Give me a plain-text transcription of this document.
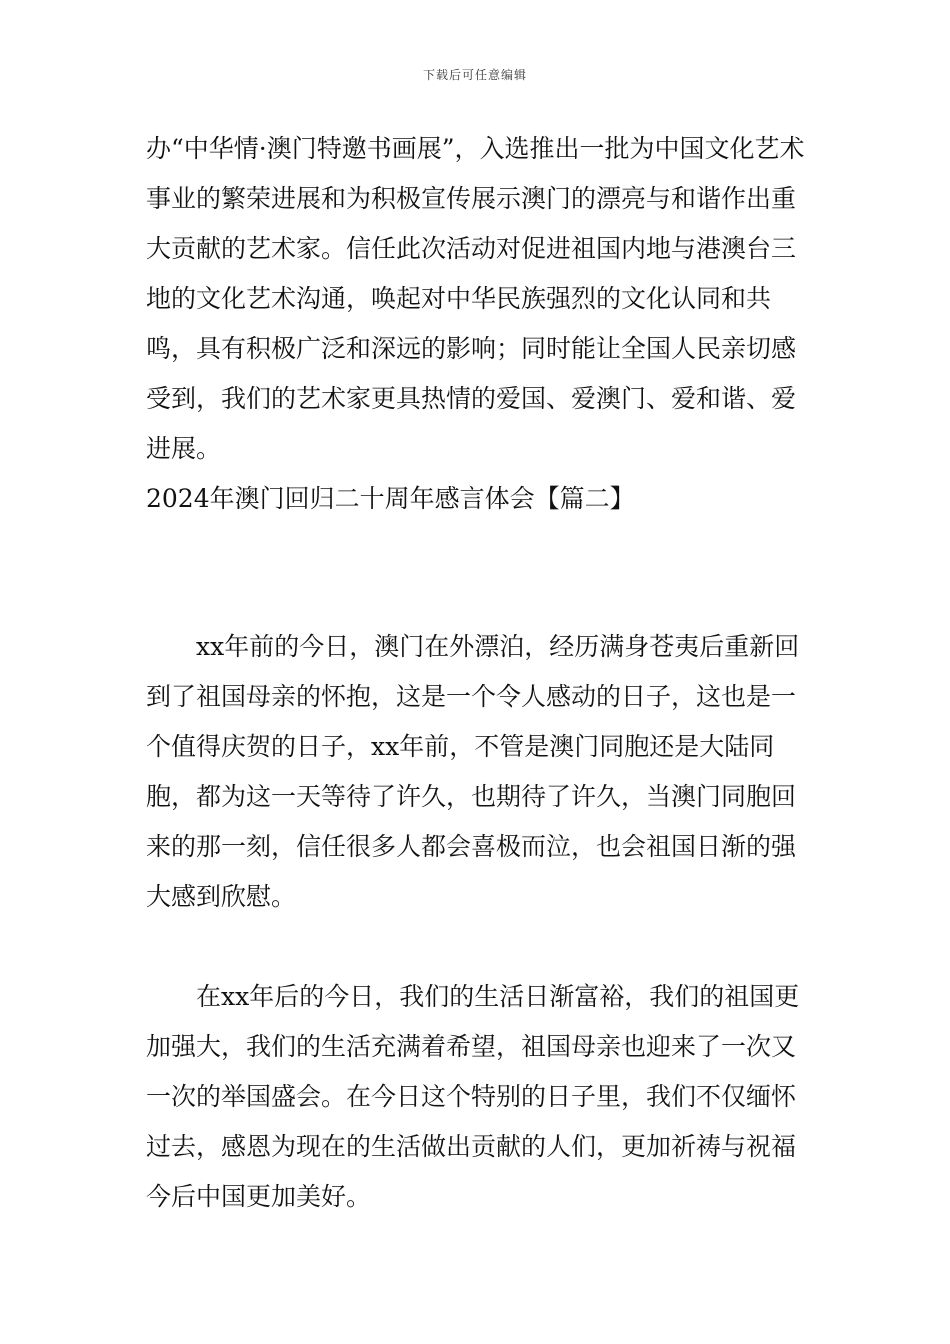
下载后可任意编辑

办“中华情·澳门特邀书画展”，入选推出一批为中国文化艺术事业的繁荣进展和为积极宣传展示澳门的漂亮与和谐作出重大贡献的艺术家。信任此次活动对促进祖国内地与港澳台三地的文化艺术沟通，唤起对中华民族强烈的文化认同和共鸣，具有积极广泛和深远的影响；同时能让全国人民亲切感受到，我们的艺术家更具热情的爱国、爱澳门、爱和谐、爱进展。

2024年澳门回归二十周年感言体会【篇二】

xx年前的今日，澳门在外漂泊，经历满身苍夷后重新回到了祖国母亲的怀抱，这是一个令人感动的日子，这也是一个值得庆贺的日子，xx年前，不管是澳门同胞还是大陆同胞，都为这一天等待了许久，也期待了许久，当澳门同胞回来的那一刻，信任很多人都会喜极而泣，也会祖国日渐的强大感到欣慰。

在xx年后的今日，我们的生活日渐富裕，我们的祖国更加强大，我们的生活充满着希望，祖国母亲也迎来了一次又一次的举国盛会。在今日这个特别的日子里，我们不仅缅怀过去，感恩为现在的生活做出贡献的人们，更加祈祷与祝福今后中国更加美好。
